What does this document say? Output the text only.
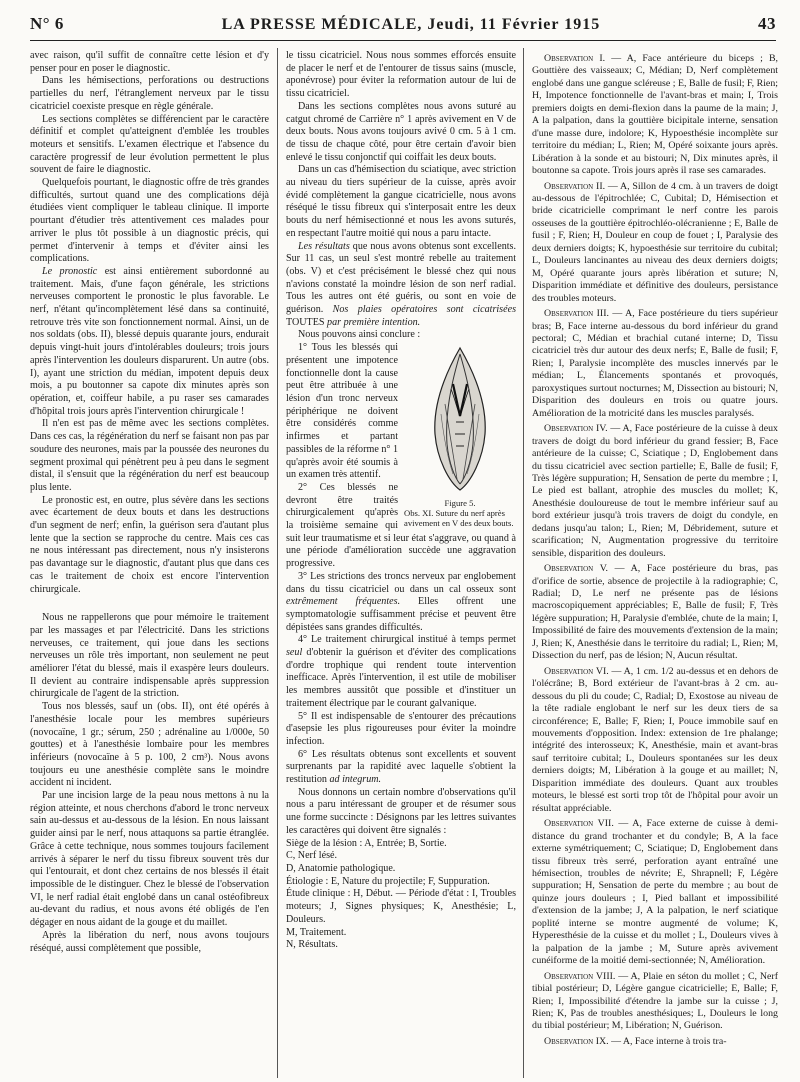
N° 6	LA PRESSE MÉDICALE, Jeudi, 11 Février 1915	43

avec raison, qu'il suffit de connaître cette lésion et d'y penser pour en poser le diagnostic.

Dans les hémisections, perforations ou destructions partielles du nerf, l'étranglement nerveux par le tissu cicatriciel coexiste presque en règle générale.

Les sections complètes se différencient par le caractère définitif et complet qu'atteignent d'emblée les troubles moteurs et sensitifs. L'examen électrique et l'absence du caractère progressif de leur évolution permettent le plus souvent de faire le diagnostic.

Quelquefois pourtant, le diagnostic offre de très grandes difficultés, surtout quand une des complications déjà étudiées vient compliquer le tableau clinique. Il importe pourtant d'étudier très attentivement ces malades pour arriver le plus tôt possible à un diagnostic précis, qui permet d'intervenir à temps et d'éviter ainsi les complications.

Le pronostic est ainsi entièrement subordonné au traitement. Mais, d'une façon générale, les strictions nerveuses comportent le pronostic le plus favorable. Le nerf, n'étant qu'incomplètement lésé dans sa continuité, retrouve très vite son fonctionnement normal. Ainsi, un de nos soldats (obs. II), blessé depuis quarante jours, endurait depuis vingt-huit jours d'intolérables douleurs; trois jours après l'intervention les douleurs disparurent. Un autre (obs. I), ayant une striction du médian, impotent depuis deux mois, a pu boutonner sa capote dix minutes après son opération, et, coiffeur habile, a pu raser ses camarades d'hôpital trois jours après l'intervention chirurgicale !

Il n'en est pas de même avec les sections complètes. Dans ces cas, la régénération du nerf se faisant non pas par soudure des neurones, mais par la poussée des neurones du segment proximal qui pénètrent peu à peu dans le segment distal, il s'ensuit que la régénération du nerf est beaucoup plus lente.

Le pronostic est, en outre, plus sévère dans les sections avec écartement de deux bouts et dans les destructions d'un segment de nerf; enfin, la guérison sera d'autant plus lente que la section se rapproche du centre. Mais ces cas ne nous intéressant pas directement, nous n'y insisterons pas davantage sur le diagnostic, d'autant plus que dans ces cas le traitement de choix est encore l'intervention chirurgicale.

Nous ne rappellerons que pour mémoire le traitement par les massages et par l'électricité. Dans les strictions nerveuses, ce traitement, qui joue dans les sections nerveuses un rôle très important, non seulement ne peut améliorer l'état du blessé, mais il exaspère leurs douleurs. Il devient au contraire indispensable après suppression chirurgicale de l'agent de la striction.

Tous nos blessés, sauf un (obs. II), ont été opérés à l'anesthésie locale pour les membres supérieurs (novocaïne, 1 gr.; sérum, 250 ; adrénaline au 1/000e, 50 gouttes) et à l'anesthésie lombaire pour les membres inférieurs (novocaïne à 5 p. 100, 2 cm³). Nous avons toujours eu une anesthésie complète sans le moindre accident ni incident.

Par une incision large de la peau nous mettons à nu la région atteinte, et nous cherchons d'abord le tronc nerveux sain au-dessus et au-dessous de la lésion. En nous laissant guider ainsi par le nerf, nous attaquons sa partie étranglée. Grâce à cette technique, nous sommes toujours facilement arrivés à séparer le nerf du tissu fibreux souvent très dur qui l'entourait, et dont chez certains de nos blessés il était impossible de le distinguer. Chez le blessé de l'observation VI, le nerf radial était englobé dans un canal ostéofibreux au-devant du radius, et nous avons été obligés de l'en dégager en nous aidant de la gouge et du maillet.

Après la libération du nerf, nous avons toujours réséqué, aussi complètement que possible,

le tissu cicatriciel. Nous nous sommes efforcés ensuite de placer le nerf et de l'entourer de tissus sains (muscle, aponévrose) pour éviter la reformation autour de lui de tissu cicatriciel.

Dans les sections complètes nous avons suturé au catgut chromé de Carrière n° 1 après avivement en V de deux bouts. Nous avons toujours avivé 0 cm. 5 à 1 cm. de tissu de chaque côté, pour être certain d'avoir bien enlevé le tissu conjonctif qui coiffait les deux bouts.

Dans un cas d'hémisection du sciatique, avec striction au niveau du tiers supérieur de la cuisse, après avoir évidé complètement la gangue cicatricielle, nous avons réséqué le tissu fibreux qui s'interposait entre les deux bouts du nerf hémisectionné et nous les avons suturés, en respectant l'autre moitié qui nous a paru intacte.

Les résultats que nous avons obtenus sont excellents. Sur 11 cas, un seul s'est montré rebelle au traitement (obs. V) et c'est précisément le blessé chez qui nous n'avions constaté la moindre lésion de son nerf radial. Tous les autres ont été guéris, ou sont en voie de guérison. Nos plaies opératoires sont cicatrisées TOUTES par première intention.

Nous pouvons ainsi conclure :

Figure 5.
Obs. XI. Suture du nerf après avivement en V des deux bouts.

1° Tous les blessés qui présentent une impotence fonctionnelle dont la cause peut être attribuée à une lésion d'un tronc nerveux périphérique ne doivent être considérés comme infirmes et partant passibles de la réforme n° 1 qu'après avoir été soumis à un examen très attentif.

2° Ces blessés ne devront être traités chirurgicalement qu'après la troisième semaine qui suit leur traumatisme et si leur état s'aggrave, ou quand à une période d'amélioration succède une aggravation progressive.

3° Les strictions des troncs nerveux par englobement dans du tissu cicatriciel ou dans un cal osseux sont extrêmement fréquentes. Elles offrent une symptomatologie suffisamment précise et peuvent être dépistées sans grandes difficultés.

4° Le traitement chirurgical institué à temps permet seul d'obtenir la guérison et d'éviter des complications d'ordre trophique qui rendent toute intervention inefficace. Après l'intervention, il est utile de mobiliser les membres aussitôt que possible et d'instituer un traitement électrique par le courant galvanique.

5° Il est indispensable de s'entourer des précautions d'asepsie les plus rigoureuses pour éviter la moindre infection.

6° Les résultats obtenus sont excellents et souvent surprenants par la rapidité avec laquelle s'obtient la restitution ad integrum.

Nous donnons un certain nombre d'observations qu'il nous a paru intéressant de grouper et de résumer sous une forme succincte : Désignons par les lettres suivantes les caractères qui doivent être signalés :

Siège de la lésion : A, Entrée; B, Sortie.
C, Nerf lésé.
D, Anatomie pathologique.
Étiologie : E, Nature du projectile; F, Suppuration.
Étude clinique : H, Début. — Période d'état : I, Troubles moteurs; J, Signes physiques; K, Anesthésie; L, Douleurs.
M, Traitement.
N, Résultats.

Observation I. — A, Face antérieure du biceps ; B, Gouttière des vaisseaux; C, Médian; D, Nerf complètement englobé dans une gangue scléreuse ; E, Balle de fusil; F, Rien; H, Impotence fonctionnelle de l'avant-bras et main; I, Trois premiers doigts en demi-flexion dans la paume de la main; J, A la palpation, dans la gouttière bicipitale interne, sensation d'une masse dure, indolore; K, Hypoesthésie incomplète sur territoire du médian; L, Rien; M, Opéré soixante jours après. Libération à la sonde et au bistouri; N, Dix minutes après, il boutonne sa capote. Trois jours après il rase ses camarades.

Observation II. — A, Sillon de 4 cm. à un travers de doigt au-dessous de l'épitrochlée; C, Cubital; D, Hémisection et bride cicatricielle comprimant le nerf contre les parois osseuses de la gouttière épitrochléo-olécranienne ; E, Balle de fusil ; F, Rien; H, Douleur en coup de fouet ; I, Paralysie des deux derniers doigts; K, hypoesthésie sur territoire du cubital; L, Douleurs lancinantes au niveau des deux derniers doigts; M, Opéré quarante jours après libération et suture; N, Disparition immédiate et définitive des douleurs, persistance des troubles moteurs.

Observation III. — A, Face postérieure du tiers supérieur bras; B, Face interne au-dessous du bord inférieur du grand pectoral; C, Médian et brachial cutané interne; D, Tissu cicatriciel très dur autour des deux nerfs; E, Balle de fusil; F, Rien; I, Paralysie incomplète des muscles innervés par le médian; L, Élancements spontanés et provoqués, paroxystiques surtout nocturnes; M, Dissection au bistouri; N, Disparition des douleurs en trois ou quatre jours. Amélioration de la motricité dans les muscles paralysés.

Observation IV. — A, Face postérieure de la cuisse à deux travers de doigt du bord inférieur du grand fessier; B, Face antérieure de la cuisse; C, Sciatique ; D, Englobement dans du tissu cicatriciel avec section partielle; E, Balle de fusil; F, Très légère suppuration; H, Sensation de perte du membre ; I, Le pied est ballant, atrophie des muscles du mollet; K, Anesthésie douloureuse de tout le membre inférieur sauf au bord extérieur jusqu'à trois travers de doigt du condyle, en dedans jusqu'au talon; L, Rien; M, Débridement, suture et scarification; N, Augmentation progressive du territoire sensible, disparition des douleurs.

Observation V. — A, Face postérieure du bras, pas d'orifice de sortie, absence de projectile à la radiographie; C, Radial; D, Le nerf ne présente pas de lésions macroscopiquement appréciables; E, Balle de fusil; F, Très légère suppuration; H, Paralysie d'emblée, chute de la main; I, Impossibilité de faire des mouvements d'extension de la main; J, Rien; K, Anesthésie dans le territoire du radial; L, Rien; M, Dissection du nerf, pas de lésion; N, Aucun résultat.

Observation VI. — A, 1 cm. 1/2 au-dessus et en dehors de l'olécrâne; B, Bord extérieur de l'avant-bras à 2 cm. au-dessous du pli du coude; C, Radial; D, Exostose au niveau de la tête radiale englobant le nerf sur les deux tiers de sa circonférence; E, Balle; F, Rien; I, Pouce immobile sauf en mouvements d'opposition. Index: extension de 1re phalange; intégrité des interosseux; K, Anesthésie, main et avant-bras sauf territoire cubital; L, Douleurs spontanées sur les deux derniers doigts; M, Libération à la gouge et au maillet; N, Disparition immédiate des douleurs. Quant aux troubles moteurs, le blessé est sorti trop tôt de l'hôpital pour avoir un résultat appréciable.

Observation VII. — A, Face externe de cuisse à demi-distance du grand trochanter et du condyle; B, A la face externe symétriquement; C, Sciatique; D, Englobement dans tissu fibreux très serré, perforation ayant entraîné une hémisection, troubles de névrite; E, Shrapnell; F, Légère suppuration; H, Sensation de perte du membre ; au bout de quinze jours douleurs ; I, Pied ballant et impossibilité d'extension de la jambe; J, A la palpation, le nerf sciatique poplité interne se montre augmenté de volume; K, Hyperesthésie de la cuisse et du mollet ; L, Douleurs vives à la palpation de la jambe ; M, Suture après avivement cunéiforme de la moitié demi-sectionnée; N, Amélioration.

Observation VIII. — A, Plaie en séton du mollet ; C, Nerf tibial postérieur; D, Légère gangue cicatricielle; E, Balle; F, Rien; I, Impossibilité d'étendre la jambe sur la cuisse ; J, Rien; K, Pas de troubles anesthésiques; L, Douleurs le long du tibial postérieur; M, Libération; N, Guérison.

Observation IX. — A, Face interne à trois tra-
